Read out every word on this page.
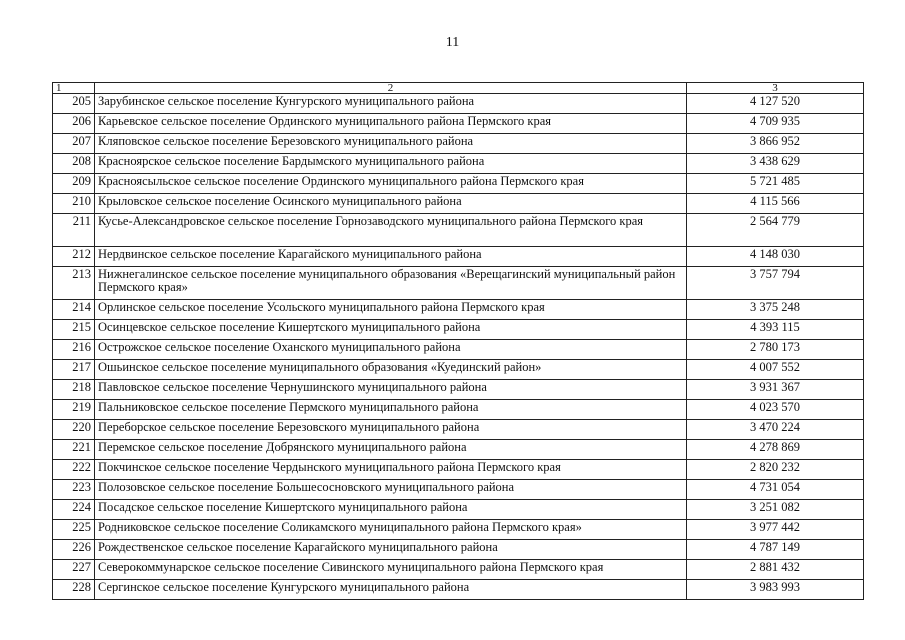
11
1	2	3
205	Зарубинское сельское поселение Кунгурского муниципального района	4 127 520
206	Карьевское сельское поселение Ординского муниципального района Пермского края	4 709 935
207	Кляповское сельское поселение Березовского муниципального района	3 866 952
208	Красноярское сельское поселение Бардымского муниципального района	3 438 629
209	Красноясыльское сельское поселение Ординского муниципального района Пермского края	5 721 485
210	Крыловское сельское поселение Осинского муниципального района	4 115 566
211	Кусье-Александровское сельское поселение Горнозаводского муниципального района Пермского края	2 564 779
212	Нердвинское сельское поселение Карагайского муниципального района	4 148 030
213	Нижнегалинское сельское поселение муниципального образования «Верещагинский муниципальный район Пермского края»	3 757 794
214	Орлинское сельское поселение Усольского муниципального района Пермского края	3 375 248
215	Осинцевское сельское поселение Кишертского муниципального района	4 393 115
216	Острожское сельское поселение Оханского муниципального района	2 780 173
217	Ошьинское сельское поселение муниципального образования «Куединский район»	4 007 552
218	Павловское сельское поселение Чернушинского муниципального района	3 931 367
219	Пальниковское сельское поселение Пермского муниципального района	4 023 570
220	Переборское сельское поселение Березовского муниципального района	3 470 224
221	Перемское сельское поселение Добрянского муниципального района	4 278 869
222	Покчинское сельское поселение Чердынского муниципального района Пермского края	2 820 232
223	Полозовское сельское поселение Большесосновского муниципального района	4 731 054
224	Посадское сельское поселение Кишертского муниципального района	3 251 082
225	Родниковское сельское поселение Соликамского муниципального района Пермского края»	3 977 442
226	Рождественское сельское поселение Карагайского муниципального района	4 787 149
227	Северокоммунарское сельское поселение Сивинского муниципального района Пермского края	2 881 432
228	Сергинское сельское поселение Кунгурского муниципального района	3 983 993
